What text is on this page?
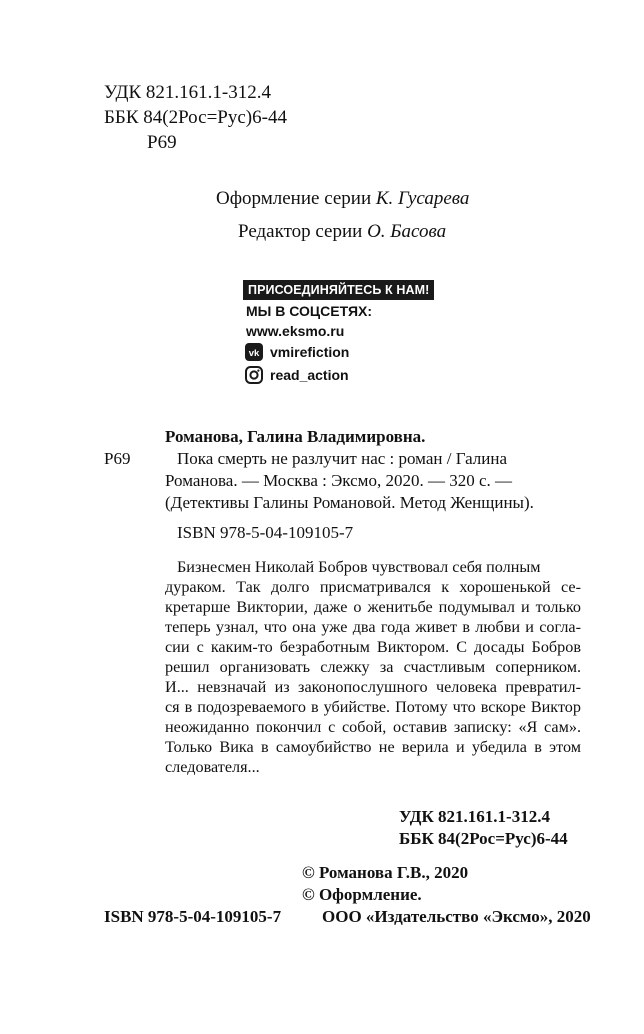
УДК 821.161.1-312.4
ББК 84(2Рос=Рус)6-44
Р69
Оформление серии К. Гусарева
Редактор серии О. Басова
ПРИСОЕДИНЯЙТЕСЬ К НАМ!
МЫ В СОЦСЕТЯХ:
www.eksmo.ru
vk vmirefiction
read_action
Романова, Галина Владимировна.
Р69	Пока смерть не разлучит нас : роман / Галина
Романова. — Москва : Эксмо, 2020. — 320 с. —
(Детективы Галины Романовой. Метод Женщины).
ISBN 978-5-04-109105-7
Бизнесмен Николай Бобров чувствовал себя полным
дураком. Так долго присматривался к хорошенькой се-
кретарше Виктории, даже о женитьбе подумывал и только
теперь узнал, что она уже два года живет в любви и согла-
сии с каким-то безработным Виктором. С досады Бобров
решил организовать слежку за счастливым соперником.
И... невзначай из законопослушного человека превратил-
ся в подозреваемого в убийстве. Потому что вскоре Виктор
неожиданно покончил с собой, оставив записку: «Я сам».
Только Вика в самоубийство не верила и убедила в этом
следователя...
УДК 821.161.1-312.4
ББК 84(2Рос=Рус)6-44
© Романова Г.В., 2020
© Оформление.
ISBN 978-5-04-109105-7 ООО «Издательство «Эксмо», 2020
